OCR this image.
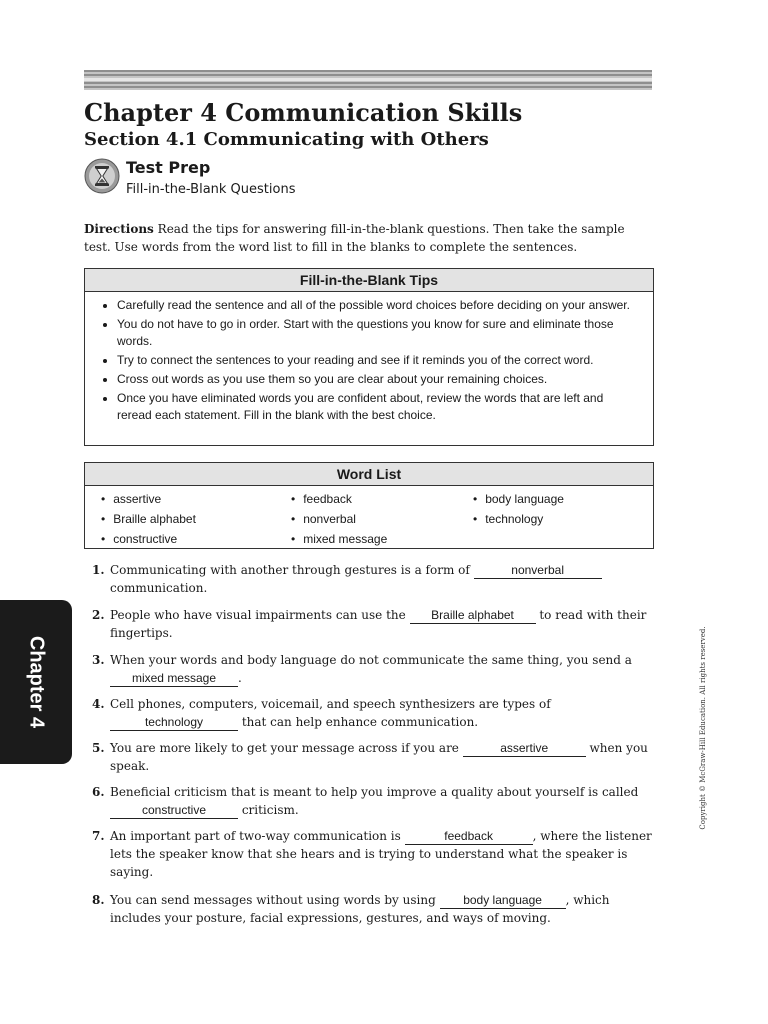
Chapter 4 Communication Skills
Section 4.1 Communicating with Others
Test Prep
Fill-in-the-Blank Questions
Directions Read the tips for answering fill-in-the-blank questions. Then take the sample test. Use words from the word list to fill in the blanks to complete the sentences.
Fill-in-the-Blank Tips
• Carefully read the sentence and all of the possible word choices before deciding on your answer.
• You do not have to go in order. Start with the questions you know for sure and eliminate those words.
• Try to connect the sentences to your reading and see if it reminds you of the correct word.
• Cross out words as you use them so you are clear about your remaining choices.
• Once you have eliminated words you are confident about, review the words that are left and reread each statement. Fill in the blank with the best choice.
Word List
• assertive	• feedback	• body language
• Braille alphabet	• nonverbal	• technology
• constructive	• mixed message
1. Communicating with another through gestures is a form of	nonverbal communication.
2. People who have visual impairments can use the Braille alphabet to read with their fingertips.
3. When your words and body language do not communicate the same thing, you send a mixed message .
4. Cell phones, computers, voicemail, and speech synthesizers are types of technology	that can help enhance communication.
5. You are more likely to get your message across if you are	assertive	when you speak.
6. Beneficial criticism that is meant to help you improve a quality about yourself is called constructive	criticism.
7. An important part of two-way communication is	feedback	, where the listener lets the speaker know that she hears and is trying to understand what the speaker is saying.
8. You can send messages without using words by using body language , which includes your posture, facial expressions, gestures, and ways of moving.
Chapter 4	Copyright © McGraw-Hill Education. All rights reserved.
